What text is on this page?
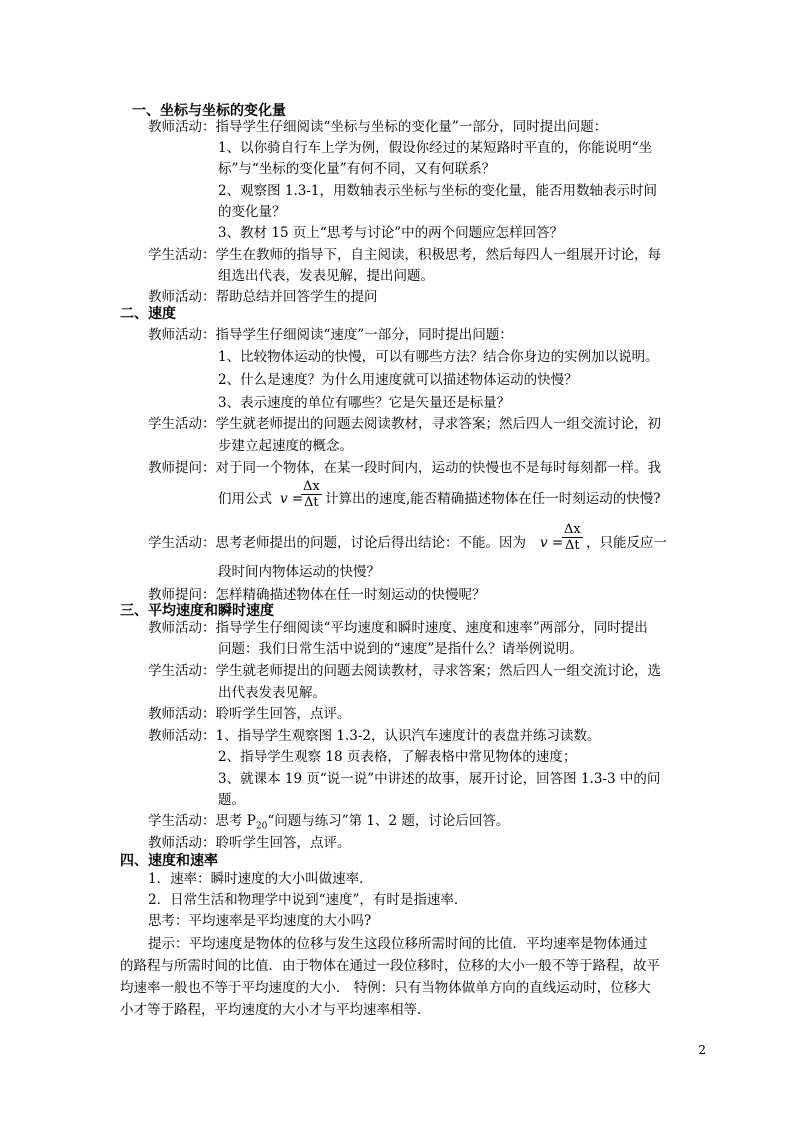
一、坐标与坐标的变化量
教师活动：指导学生仔细阅读“坐标与坐标的变化量”一部分，同时提出问题：
1、以你骑自行车上学为例，假设你经过的某短路时平直的，你能说明“坐
标”与“坐标的变化量”有何不同，又有何联系？
2、观察图 1.3-1，用数轴表示坐标与坐标的变化量，能否用数轴表示时间
的变化量？
3、教材 15 页上“思考与讨论”中的两个问题应怎样回答？
学生活动：学生在教师的指导下，自主阅读，积极思考，然后每四人一组展开讨论，每
组选出代表，发表见解，提出问题。
教师活动：帮助总结并回答学生的提问
二、速度
教师活动：指导学生仔细阅读“速度”一部分，同时提出问题：
1、比较物体运动的快慢，可以有哪些方法？结合你身边的实例加以说明。
2、什么是速度？为什么用速度就可以描述物体运动的快慢？
3、表示速度的单位有哪些？它是矢量还是标量？
学生活动：学生就老师提出的问题去阅读教材，寻求答案；然后四人一组交流讨论，初
步建立起速度的概念。
教师提问：对于同一个物体，在某一段时间内，运动的快慢也不是每时每刻都一样。我
们用公式 v =
$\frac{\Delta x}{\Delta t}$ 计算出的速度,能否精确描述物体在任一时刻运动的快慢?
学生活动：思考老师提出的问题，讨论后得出结论：不能。因为 v =
$\frac{\Delta x}{\Delta t}$ ，只能反应一
段时间内物体运动的快慢？
教师提问：怎样精确描述物体在任一时刻运动的快慢呢？
三、平均速度和瞬时速度
教师活动：指导学生仔细阅读“平均速度和瞬时速度、速度和速率”两部分，同时提出
问题：我们日常生活中说到的“速度”是指什么？请举例说明。
学生活动：学生就老师提出的问题去阅读教材，寻求答案；然后四人一组交流讨论，选
出代表发表见解。
教师活动：聆听学生回答，点评。
教师活动：1、指导学生观察图 1.3-2，认识汽车速度计的表盘并练习读数。
2、指导学生观察 18 页表格，了解表格中常见物体的速度；
3、就课本 19 页“说一说”中讲述的故事，展开讨论，回答图 1.3-3 中的问
题。
学生活动：思考 $P_{20}“$问题与练习”第 1、2 题，讨论后回答。
教师活动：聆听学生回答，点评。
四、速度和速率
1．速率：瞬时速度的大小叫做速率．
2．日常生活和物理学中说到“速度”，有时是指速率．
思考：平均速率是平均速度的大小吗?
提示：平均速度是物体的位移与发生这段位移所需时间的比值．平均速率是物体通过
的路程与所需时间的比值．由于物体在通过一段位移时，位移的大小一般不等于路程，故平
均速率一般也不等于平均速度的大小． 特例：只有当物体做单方向的直线运动时，位移大
小才等于路程，平均速度的大小才与平均速率相等．
2
